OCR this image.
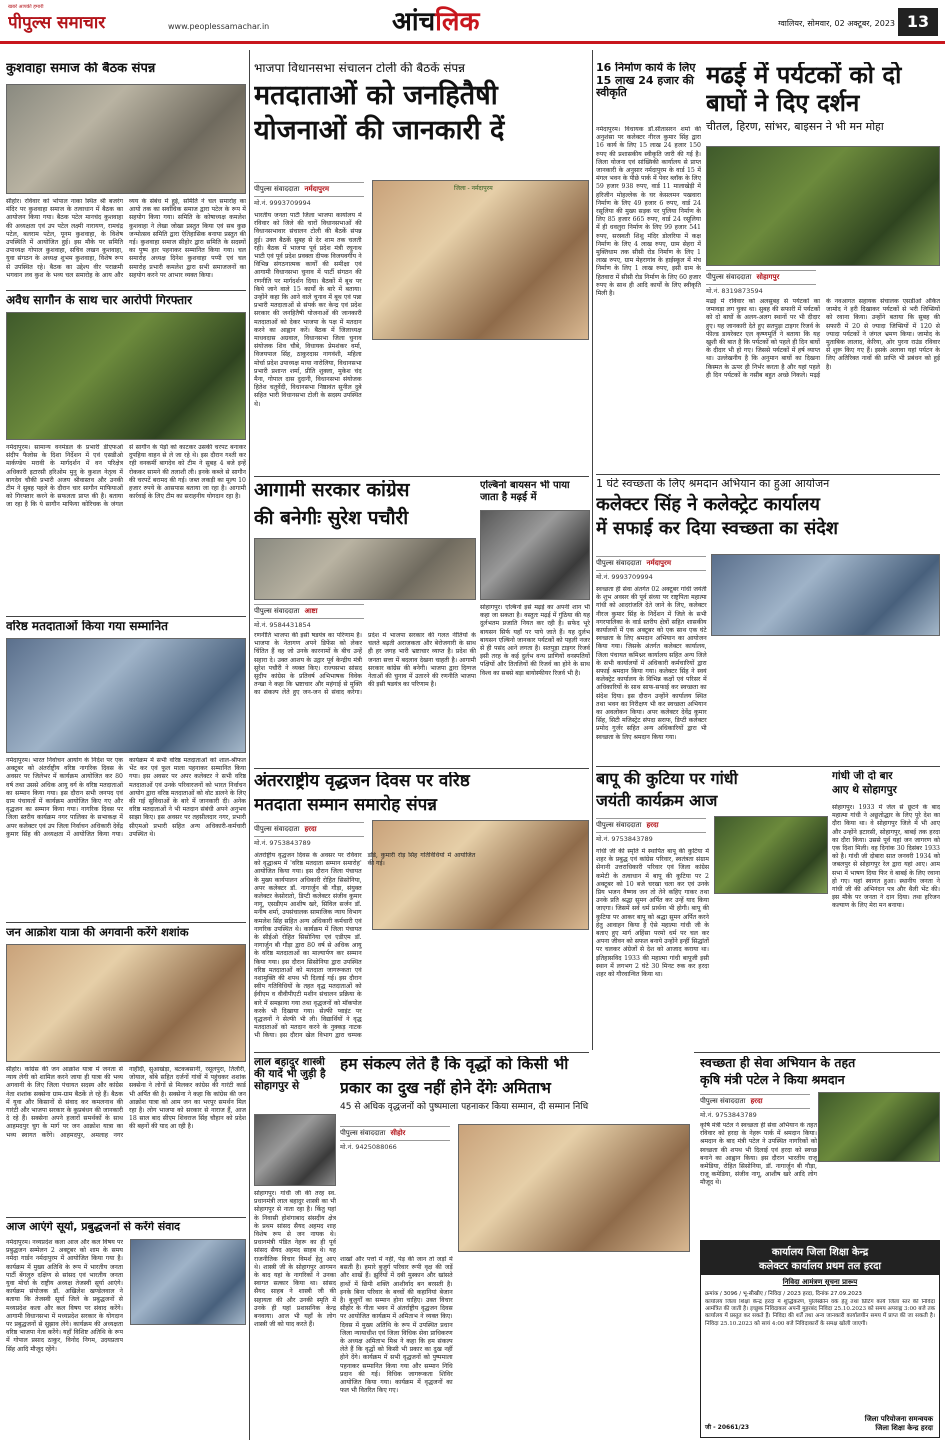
खबरें आपकी हमारी
पीपुल्स समाचार	www.peoplessamachar.in	आंचलिक	ग्वालियर, सोमवार, 02 अक्टूबर, 2023 13
कुशवाहा समाज की बैठक संपन्न
सीहोर। रविवार को भोपाल नाका स्थित श्री बजरंग मंदिर पर कुशवाहा समाज के तत्वाधान में बैठक का आयोजन किया गया। बैठक पटेल मानचंद कुशवाहा की अध्यक्षता एवं उप पटेल लक्ष्मी नारायण, रामचंद्र पटेल, बलराम पटेल, पूनम कुशवाहा, के विशेष उपस्थिति में आयोजित हुई। इस मौके पर समिति उपाध्यक्ष गोपाल कुशवाहा, सचिव लखन कुशवाहा, युवा संगठन के अध्यक्ष शुभम कुशवाहा, विशेष रूप से उपस्थित रहे। बैठक का उद्देश्य वीर पराक्रमी भगवान लव कुश के भव्य चल समारोह के आय और व्यय के संबंध में हुई, समिति ने चल समारोह का आयो तक का सर्वाधिक समाज द्वारा पटेल के रूप में सहयोग किया गया। समिति के कोषाध्यक्ष कमलेश कुशवाहा ने लेखा जोखा प्रस्तुत किया एवं सब कुछ जन्मोत्सव समिति द्वारा ऐतिहासिक बनाया प्रस्तुत की गई। कुशवाहा समाज सीहोर द्वारा समिति के सदस्यों का पुष्प हार पहनाकर सम्मानित किया गया। चल समारोह अध्यक्ष दिनेश कुशवाहा पप्पी एवं चल समारोह प्रभारी कमलेश द्वारा सभी समाजजनों का सहयोग करने पर आभार व्यक्त किया।
अवैध सागौन के साथ चार आरोपी गिरफ्तार
नर्मदापुरम। सामान्य वनमंडल के प्रभारी डीएफओ संदीप फैलोस के दिशा निर्देशन में एवं एसडीओ मार्कण्डेय मरावी के मार्गदर्शन में वन परिक्षेत्र अधिकारी इटारसी हरिओम मुनु के कुशल नेतृत्व में बागदेव चौकी प्रभारी अजय श्रीवास्तव और उनकी टीम ने सुबह पहले के दौरान चार सागौन माफियाओं को गिरफ्तार करने के सफलता प्राप्त की है। बताया जा रहा है कि ये सागौन माफिया कोरिचक के जंगल से सागौन के पेड़ों को काटकर उसकी चरपट बनाकर दुपहिया वाहन से ले जा रहे थे। इस दौरान गश्ती कर रही वनकर्मी बागदेव को टीम ने सुबह 4 बजे इन्हें रोककर सामने की तलाशी ली। इनके कब्जे से सागौन की चरपटें बरामद की गई। जब्त लकड़ी का मूल्य 10 हजार रुपये के आसपास बताया जा रहा है। आगामी कार्रवाई के लिए टीम का सराहनीय योगदान रहा है।
वरिष्ठ मतदाताओं किया गया सम्मानित
नर्मदापुरम। भारत निर्वाचन आयोग के निर्देश पर एक अक्टूबर को अंतर्राष्ट्रीय वरिष्ठ नागरिक दिवस के अवसर पर जिलेभर में कार्यक्रम आयोजित कर 80 वर्ष तथा उससे अधिक आयु वर्ग के वरिष्ठ मतदाताओं का सम्मान किया गया। इस दौरान सभी जनपद एवं ग्राम पंचायतों में कार्यक्रम आयोजित किए गए और वृद्धजन का सम्मान किया गया। नागरिक दिवस पर जिला स्तरीय कार्यक्रम नगर पालिका के सभाकक्ष में अपर कलेक्टर एवं उप जिला निर्वाचन अधिकारी देवेंद्र कुमार सिंह की अध्यक्षता में आयोजित किया गया। कार्यक्रम में सभी वरिष्ठ मतदाताओं को शाल-श्रीफल भेंट कर एवं फूल माला पहनाकर सम्मानित किया गया। इस अवसर पर अपर कलेक्टर ने सभी वरिष्ठ मतदाताओं एवं उनके परिवारजनों को भारत निर्वाचन आयोग द्वारा वरिष्ठ मतदाताओं को वोट डालने के लिए की गई सुविधाओं के बारे में जानकारी दी। अनेक वरिष्ठ मतदाताओं ने भी मतदान संबंधी अपने अनुभव साझा किए। इस अवसर पर तहसीलदार नगर, प्रभारी सीएमओ प्रभारी सहित अन्य अधिकारी-कर्मचारी उपस्थित थे।
जन आक्रोश यात्रा की अगवानी करेंगे शशांक
सीहोर। कांग्रेस की जन आक्रोश यात्रा में जनता से न्याय लेगी को शामिल करने जाया ही यात्रा की भव्य अगवानी के लिए जिला पंचायत सदस्य और कांग्रेस नेता शशांक सक्सेना ग्राम-ग्राम बैठकें ले रहे हैं। बैठक में युवा और किसानों से संवाद कर कमलनाथ की गारंटी और भाजपा सरकार के कुप्रबंधन की जानकारी दे रहे हैं। सक्सेना अपने हजारों समर्थकों के साथ आहमदपुर चुग के मार्ग पर जन आक्रोश यात्रा का भव्य स्वागत करेंगे। आहमदपुर, अमलाह नगर नाहीदी, सुआखेड़ा, बटकबसानी, रसूलपुरा, तिलौरी, जोयाल, बोंबे सहित दर्जनों गांवों में पहुंचकर शशांक सक्सेना ने लोगों से मिलकर कांग्रेस की गारंटी कार्ड भी अर्पित की है। सक्सेना ने कहा कि कांग्रेस की जन आक्रोश यात्रा को आम जन का भरपूर समर्थन मिल रहा है। लोग भाजपा को सरकार से नाराज हैं, आज 18 साल बाद सीएम शिवराज सिंह चौहान को प्रदेश की बहनों की याद आ रही है।
आज आएंगे सूर्या, प्रबुद्धजनों से करेंगे संवाद
नर्मदापुरम। नव्यप्रदेश कला आज और कल विषय पर प्रबुद्धजन सम्मेलन 2 अक्टूबर को शाम के समय नर्मदा गार्डन नर्मदापुरम में आयोजित किया गया है। कार्यक्रम में मुख्य अतिथि के रूप में भारतीय जनता पार्टी बेंगलुरु दक्षिण से सांसद एवं भारतीय जनता युवा मोर्चा के राष्ट्रीय अध्यक्ष तेजस्वी सूर्या आएंगे। कार्यक्रम संयोजक डॉ. अखिलेश खण्डेलवाल ने बताया कि तेजस्वी सूर्या जिले के प्रबुद्धजनों से मध्यप्रदेश कला और कल विषय पर संवाद करेंगे। आगामी विधानसभा में मध्यप्रदेश सरकार के योगदान पर प्रबुद्धजनों से सुझाव लेंगे। कार्यक्रम की अध्यक्षता वरिष्ठ भाजपा नेता करेंगे। यहाँ विशिष्ट अतिथि के रूप में गोपाल प्रसाद ठाकुर, विनोद निगम, उदयप्रताप सिंह आदि मौजूद रहेंगे।
भाजपा विधानसभा संचालन टोली की बैठकें संपन्न
मतदाताओं को जनहितैषी
योजनाओं की जानकारी दें
पीपुल्स संवाददाता नर्मदापुरम
मो.नं. 9993709994
जिला - नर्मदापुरम
भारतीय जनता पार्टी जिला भाजपा कार्यालय में रविवार को जिले की चारों विधानसभाओं की विधानसभावार संचालन टोली की बैठकेंं संपन्न हुई। उक्त बैठकें सुबह से देर शाम तक चलती रही। बैठक में भाजपा पूर्व प्रदेश मंत्री रघुनाथ भाटी एवं पूर्व प्रदेश प्रवक्ता दीपक विजयवर्गीय ने विभिन्न संगठनात्मक कार्यों की समीक्षा एवं आगामी विधानसभा चुनाव में पार्टी संगठन की रणनीति पर मार्गदर्शन दिया। बैठकों में बूथ पर किये जाने वाले 15 कार्यों के बारे में बताया। उन्होंने कहा कि आने वाले चुनाव में बूथ एवं पन्ना प्रभारी मतदाताओं से संपर्क कर केन्द्र एवं प्रदेश सरकार की जनहितैषी योजनाओं की जानकारी मतदाताओं को देकर भाजपा के पक्ष में मतदान करने का आह्वान करें। बैठक में जिलाध्यक्ष माधवदास अग्रवाल, विधानसभा जिला चुनाव संयोजक शिव चौबे, विधायक प्रेमशंकर वर्मा, विजयपाल सिंह, ठाकुरदास नागवंशी, महिला मोर्चा प्रदेश उपाध्यक्ष माया नारोलिया, विधानसभा प्रभारी प्रशान्त शर्मा, प्रीति शुक्ला, मुकेश चंद मैना, गोपाल दास दुदानी, विधानसभा संयोजक हितेश चतुर्वेदी, विधानसभा निष्ठावंत सुनील दुबे सहित भारी विधानसभा टोली के सदस्य उपस्थित थे।
आगामी सरकार कांग्रेस
की बनेगीः सुरेश पचौरी
पीपुल्स संवाददाता आष्टा
मो.नं. 9584431854
रणनीति भाजपा की इसी षडयंत्र का परिणाम है। भाजपा के नेतागण अपने डिफेंस को लेकर चिंतित हैं वह जो उनके कारनामों के बीच उन्हें सहारा दे। उक्त आशय के उद्गार पूर्व केन्द्रीय मंत्री सुरेश पचौरी ने व्यक्त किए। राज्यसभा सांसद सुदीप कांग्रेस के प्रतिवर्ष अभिभाषक विवेक तन्खा ने कहा कि भ्रष्टाचार और महंगाई से मुक्ति का संकल्प लेते हुए जन-जन से संवाद करेगा। प्रदेश में भाजपा सरकार की गलत नीतियों के चलते बढ़ती अराजकता और बेरोजगारी के साथ ही हर जगह भारी भ्रष्टाचार व्याप्त है। प्रदेश की जनता सत्ता में बदलाव देखना चाहती है। आगामी सरकार कांग्रेस की बनेगी। भाजपा द्वारा दिग्गज नेताओं की चुनाव में उतारने की रणनीति भाजपा की इसी षडयंत्र का परिणाम है।
एल्बिनो बायसन भी पाया जाता है मढ़ई में
सोहागपुर। एल्बिनो इसे मढ़ई का अपनी शान भी कहा जा सकता है। वस्तुतः मढ़ई में गुंठिया की यह दुर्लभतम प्रजाति नियत कर रही है। सफेद भूरे बायसन सिर्फ यहाँ पर पाये जाते हैं। यह दुर्लभ बायसन एल्बिनो जानकार पर्यटकों को पहली नजर से ही पसंद आने लगता है। सतपुड़ा टाइगर रिजर्व इसी तरह के कई दुर्लभ वन्य प्राणियों वनस्पतियों पक्षियों और तितलियों की रिजर्व का होने के साथ विश्व का सबसे बड़ा बायोस्फीयर रिजर्व भी है।
अंतरराष्ट्रीय वृद्धजन दिवस पर वरिष्ठ
मतदाता सम्मान समारोह संपन्न
पीपुल्स संवाददाता हरदा
मो.नं. 9753843789
अंतर्राष्ट्रीय वृद्धजन दिवस के अवसर पर रविवार को वृद्धाश्रम में 'वरिष्ठ मतदाता सम्मान समारोह' आयोजित किया गया। इस दौरान जिला पंचायत के मुख्य कार्यपालन अधिकारी रोहित सिसोनिया, अपर कलेक्टर डॉ. नागार्जुन बी गौड़ा, संयुक्त कलेक्टर केसोरातो, डिप्टी कलेक्टर संजीव कुमार नागू, एसडीएम आशीष खरे, सिविल सर्जन डॉ. मनीष शर्मा, उपसंचालक सामाजिक न्याय विभाग कमलेश सिंह सहित अन्य अधिकारी कर्मचारी एवं नागरिक उपस्थित थे। कार्यक्रम में जिला पंचायत के सीईओ रोहित सिसोनिया एवं एडीएम डॉ. नागार्जुन बी गौड़ा द्वारा 80 वर्ष से अधिक आयु के वरिष्ठ मतदाताओं का माल्यार्पण कर सम्मान किया गया। इस दौरान सिसोनिया द्वारा उपस्थित वरिष्ठ मतदाताओं को मतदाता जागरूकता एवं नशामुक्ति की शपथ भी दिलाई गई। इस दौरान स्वीप गतिविधियों के तहत वृद्ध मतदाताओं को ईवीएम व वीवीपीएटी मशीन संचालन प्रक्रिया के बारे में समझाया गया तथा वृद्धजनों को मॉकपोल करके भी दिखाया गया। सेल्फी प्वाइंट पर वृद्धजनों ने सेल्फी भी ली। विद्यार्थियों ने वृद्ध मतदाताओं को मतदान करने के नुक्कड़ नाटक भी किया। इस दौरान खेल विभाग द्वारा चम्पक डोंडे, कुमारी रोड़ सिंह गतिविधियों में आयोजित की गई।
लाल बहादुर शास्त्री
की यादें भी जुड़ी है
सोहागपुर से
सोहागपुर। गांधी जी की तरह स्व. प्रधानमंत्री लाल बहादुर शास्त्री का भी सोहागपुर से नाता रहा है। किंतु यहां के निवासी होशंगाबाद संसदीय क्षेत्र के प्रथम सांसद सैयद अहमद शाह विशेष रूप से जन नायक थे। प्रधानमंत्री पंडित नेहरू का ही पूर्व सांसद सैयद अहमद साहब थे। यह राजनीतिक विचार विमर्श हेतु आए थे। शास्त्री जी के सोहागपुर आगमन के बाद यहां के नागरिकों ने उनका स्वागत सत्कार किया था। सांसद सैयद साहब ने शास्त्री जी की सहायता की और उनकी स्मृति में उनके ही यहां प्रशासनिक केन्द्र बनवाया। आज भी यहाँ के लोग शास्त्री जी को याद करते हैं।
हम संकल्प लेते है कि वृद्धों को किसी भी
प्रकार का दुख नहीं होने देंगेः अमिताभ
45 से अधिक वृद्धजनों को पुष्पमाला पहनाकर किया सम्मान, दी सम्मान निधि
पीपुल्स संवाददाता सीहोर
मो.नं. 9425088066
शाखों और पत्तों में नहीं, पेड़ की जान तो जड़ों में बसती है। हमारे बुजुर्ग परिवार रूपी वृक्ष की जड़ें और शाखें हैं। झुर्रियों में दबी मुस्कान और खांसते हाथों में छिपी शक्ति आशीर्वाद बन बरसती है। इनके बिना परिवार के बच्चों की कहानियां बेजान है। बुजुर्गों का सम्मान होना चाहिए। उक्त विचार सीहोर के गीता भवन में अंतर्राष्ट्रीय वृद्धजन दिवस पर आयोजित कार्यक्रम में अमिताभ ने व्यक्त किए। दिवस में मुख्य अतिथि के रूप में उपस्थित प्रधान जिला न्यायाधीश एवं जिला विधिक सेवा प्राधिकरण के अध्यक्ष अमिताभ मिश्र ने कहा कि हम संकल्प लेते हैं कि वृद्धों को किसी भी प्रकार का दुख नहीं होने देंगे। कार्यक्रम में सभी वृद्धजनों को पुष्पमाला पहनाकर सम्मानित किया गया और सम्मान निधि प्रदान की गई। विधिक जागरूकता शिविर आयोजित किया गया। कार्यक्रम में वृद्धजनों का फल भी वितरित किए गए।
16 निर्माण कार्य के लिए 15 लाख 24 हजार की स्वीकृति
नर्मदापुरम। विधायक डॉ.सीतासरन शर्मा की अनुशंसा पर कलेक्टर नीरज कुमार सिंह द्वारा 16 कार्य के लिए 15 लाख 24 हजार 150 रुपए की प्रशासकीय स्वीकृति जारी की गई है। जिला योजना एवं सांख्यिकी कार्यालय से प्राप्त जानकारी के अनुसार नर्मदापुरम के वार्ड 15 में मंगल भवन के पीछे पार्क में पेवर ब्लॉक के लिए 59 हजार 938 रुपए, वार्ड 11 मालाखेड़ी में हरिजीन मोहल्लेक के घर केसलमन पखवारा निर्माण के लिए 49 हजार 6 रुपए, वार्ड 24 रसूलिया की मुख्य सड़क पर पुलिया निर्माण के लिए 85 हजार 665 रुपए, वार्ड 24 रसूलिया में ही धवलुरा निर्माण के लिए 99 हजार 541 रुपए, सरस्वती शिशु मंदिर डोलरिया में कक्ष निर्माण के लिए 4 लाख रुपए, ग्राम सेहरा में मुक्तिधाम तक सीसी रोड निर्माण के लिए 1 लाख रुपए, ग्राम मेहरागांव के हाईस्कूल में मंच निर्माण के लिए 1 लाख रुपए, इसी ग्राम के हितवारा में सीसी रोड निर्माण के लिए 60 हजार रुपए के साथ ही आदि कार्यों के लिए स्वीकृति मिली है।
मढई में पर्यटकों को दो बाघों ने दिए दर्शन
चीतल, हिरण, सांभर, बाइसन ने भी मन मोहा
पीपुल्स संवाददाता सोहागपुर
मो.नं. 8319873594
मढई में रविवार को अलसुबह से पर्यटकों का जमावड़ा लग चुका था। सुबह की सफारी में पर्यटकों को दो बाघों के अलग-अलग स्थानों पर भी दीदार हुए। यह जानकारी देते हुए सतपुड़ा टाइगर रिजर्व के फील्ड डायरेक्टर एल कृष्णमूर्ति ने बताया कि यह खुशी की बात है कि पर्यटकों को पहले ही दिन बाघों के दीदार भी हो गए। जिससे पर्यटकों में हर्ष व्याप्त था। उल्लेखनीय है कि अनुमान बाघों का दिखना किस्मत के ऊपर ही निर्भर करता है और यहां पहले ही दिन पर्यटकों के नसीब बहुत अच्छे निकले। मढ़ई के नवआगत सहायक संचालक एसडीओ अंकित जामोद ने हरी दिखाकर पर्यटकों से भरी जिप्सियों को रवाना किया। उन्होंने बताया कि सुबह की सफारी में 20 से ज्यादा जिप्सियों में 120 से ज्यादा पर्यटकों ने जंगल भ्रमण किया। जामोद के मुताबिक लालाद, केरिया, ओर पुरना राउंड रविवार से शुरू किए गए हैं। इसके अलावा यहां पर्यटन के लिए अतिरिक्त नावों की प्राप्ति भी प्रबंधन को हुई है।
1 घंटे स्वच्छता के लिए श्रमदान अभियान का हुआ आयोजन
कलेक्टर सिंह ने कलेक्ट्रेट कार्यालय
में सफाई कर दिया स्वच्छता का संदेश
पीपुल्स संवाददाता नर्मदापुरम
मो.नं. 9993709994
स्वच्छता ही सेवा अंतर्गत 02 अक्टूबर गांधी जयंती के शुभ अवसर की पूर्व संध्या पर राष्ट्रपिता महात्मा गांधी को आदरांजलि देते जाने के लिए, कलेक्टर नीरज कुमार सिंह के निर्देशन में जिले के सभी नगरपालिका के वार्ड स्तरीय क्षेत्रों सहित शासकीय कार्यालयों में एक अक्टूबर को एक साथ एक घंटे स्वच्छता के लिए श्रमदान अभियान का आयोजन किया गया। जिसके अंतर्गत कलेक्टर कार्यालय, जिला पंचायत कमिश्नर कार्यालय सहित अन्य जिले के सभी कार्यालयों में अधिकारी कर्मचारियों द्वारा सफाई श्रमदान किया गया। कलेक्टर सिंह ने स्वयं कलेक्ट्रेट कार्यालय के विभिन्न कक्षों एवं परिसर में अधिकारियों के साथ साफ-सफाई कर स्वच्छता का संदेश दिया। इस दौरान उन्होंने कार्यालय स्थित तथा भवन का निरीक्षण भी कर स्वच्छता अभियान का अवलोकन किया। अपर कलेक्टर देवेंद्र कुमार सिंह, सिटी मजिस्ट्रेट संपदा सराफ, डिप्टी कलेक्टर प्रमोद गुर्जर सहित अन्य अधिकारियों द्वारा भी स्वच्छता के लिए श्रमदान किया गया।
बापू की कुटिया पर गांधी
जयंती कार्यक्रम आज
पीपुल्स संवाददाता हरदा
मो.नं. 9753843789
गांधी जी की स्मृति में स्थापित बापू की कुटिया में शहर के प्रबुद्ध एवं कांग्रेस परिवार, स्वतंत्रता संग्राम सेनानी उत्तराधिकारी परिवार एवं जिला कांग्रेस कमेटी के तत्वाधान में बापू की कुटिया पर 2 अक्टूबर को 10 बजे चरखा चला कर एवं उनके प्रिय भजन वैष्णव जन तो तेने कहिए गाकर तथा उनके प्रति श्रद्धा सुमन अर्पित कर उन्हें याद किया जाएगा। जिसमें सर्व धर्म प्रार्थना भी होगी। बापू की कुटिया पर आकर बापू को श्रद्धा सुमन अर्पित करने हेतु आवाहन किया है ऐसे महात्मा गांधी जी के बताए हुए मार्ग अहिंसा परमो धर्म पर चल कर अपना जीवन को सफल बनाये उन्होंने इन्हीं सिद्धांतों पर चलकर अंग्रेजों से देश को आजाद कराया था। इतिहासविद 1933 की महात्मा गांधी बापूजी इसी स्थान में लगभग 2 घंटे 30 मिनट रुक कर हरदा शहर को गौरवान्वित किया था।
गांधी जी दो बार
आए थे सोहागपुर
सोहागपुर। 1933 में जेल से छूटने के बाद महात्मा गांधी ने अछूतोद्धार के लिए पूरे देश का दौरा किया था। वे सोहागपुर जिले में भी आए और उन्होंने इटारसी, सोहागपुर, बाबई तक हरदा का दौरा किया। उससे पूर्व यहां जन जागरण को एक दिशा मिली। वह दिनांक 30 दिसंबर 1933 को है। गांधी जी दोबारा सात जनवरी 1934 को जबलपुर से सोहागपुर रेल द्वारा यहां आए। आम सभा में भाषण दिया फिर वे बाबई के लिए रवाना हो गए। यहां स्वागत हुआ। स्थानीय जनता ने गांधी जी की अभिनंदन पत्र और थैली भेंट की। इस मौके पर जनता ने दान दिया। तथा हरिजन कल्याण के लिए मेरा मन बनाया।
स्वच्छता ही सेवा अभियान के तहत
कृषि मंत्री पटेल ने किया श्रमदान
पीपुल्स संवाददाता हरदा
मो.नं. 9753843789
कृषि मंत्री पटेल ने स्वच्छता ही सेवा अभियान के तहत रविवार को हरदा के नेहरू पार्क में श्रमदान किया। श्रमदान के बाद मंत्री पटेल ने उपस्थित नागरिकों को स्वच्छता की शपथ भी दिलाई एवं हरदा को स्वच्छ बनाने का आह्वान किया। इस दौरान भारतीय राजू कमेडिया, रोहित सिसोनिया, डॉ. नागार्जुन बी गौड़ा, राजू कमेडिया, संजीव नागू, आशीष खरे आदि लोग मौजूद थे।
कार्यालय जिला शिक्षा केन्द्र
कलेक्टर कार्यालय प्रथम तल हरदा
निविदा आमंत्रण सूचना प्रारूप
क्रमांक / 3096 / भू-सीखीए / निविदा / 2023 हरदा, दिनांक 27.09.2023
कार्यालय जिला शिक्षा केन्द्र हरदा में शुद्धिकरण, पुलिस्क्रीन वर्क हेतु तथा प्रिंटिंग कार्य जिला स्तर की निविदा आमंत्रित की जाती है। इच्छुक निविदाकार अपनी मुहरबंद निविदा 25.10.2023 को समय अपराह्न 3:00 बजे तक कार्यालय में प्रस्तुत कर सकते हैं। निविदा की शर्तें तथा अन्य जानकारी कार्यालयीन समय में प्राप्त की जा सकती है। निविदा 25.10.2023 को सायं 4:00 बजे निविदाकारों के समक्ष खोली जाएगी।
जी - 20661/23
जिला परियोजना समन्वयक
जिला शिक्षा केन्द्र हरदा
